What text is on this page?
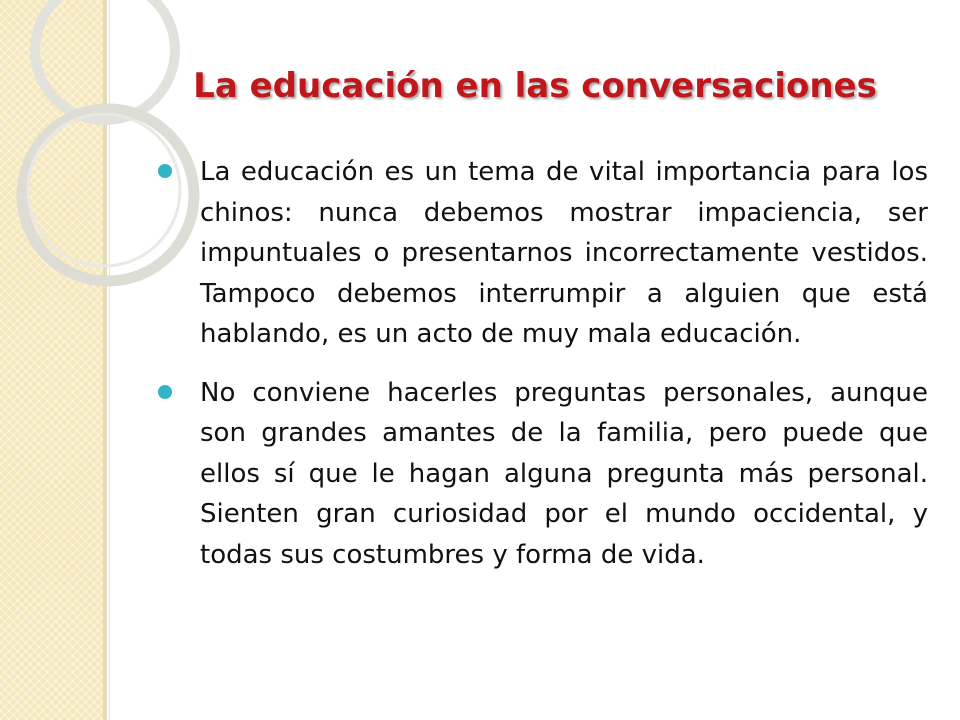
La educación en las conversaciones
La educación es un tema de vital importancia para los chinos: nunca debemos mostrar impaciencia, ser impuntuales o presentarnos incorrectamente vestidos. Tampoco debemos interrumpir a alguien que está hablando, es un acto de muy mala educación.
No conviene hacerles preguntas personales, aunque son grandes amantes de la familia, pero puede que ellos sí que le hagan alguna pregunta más personal. Sienten gran curiosidad por el mundo occidental, y todas sus costumbres y forma de vida.
